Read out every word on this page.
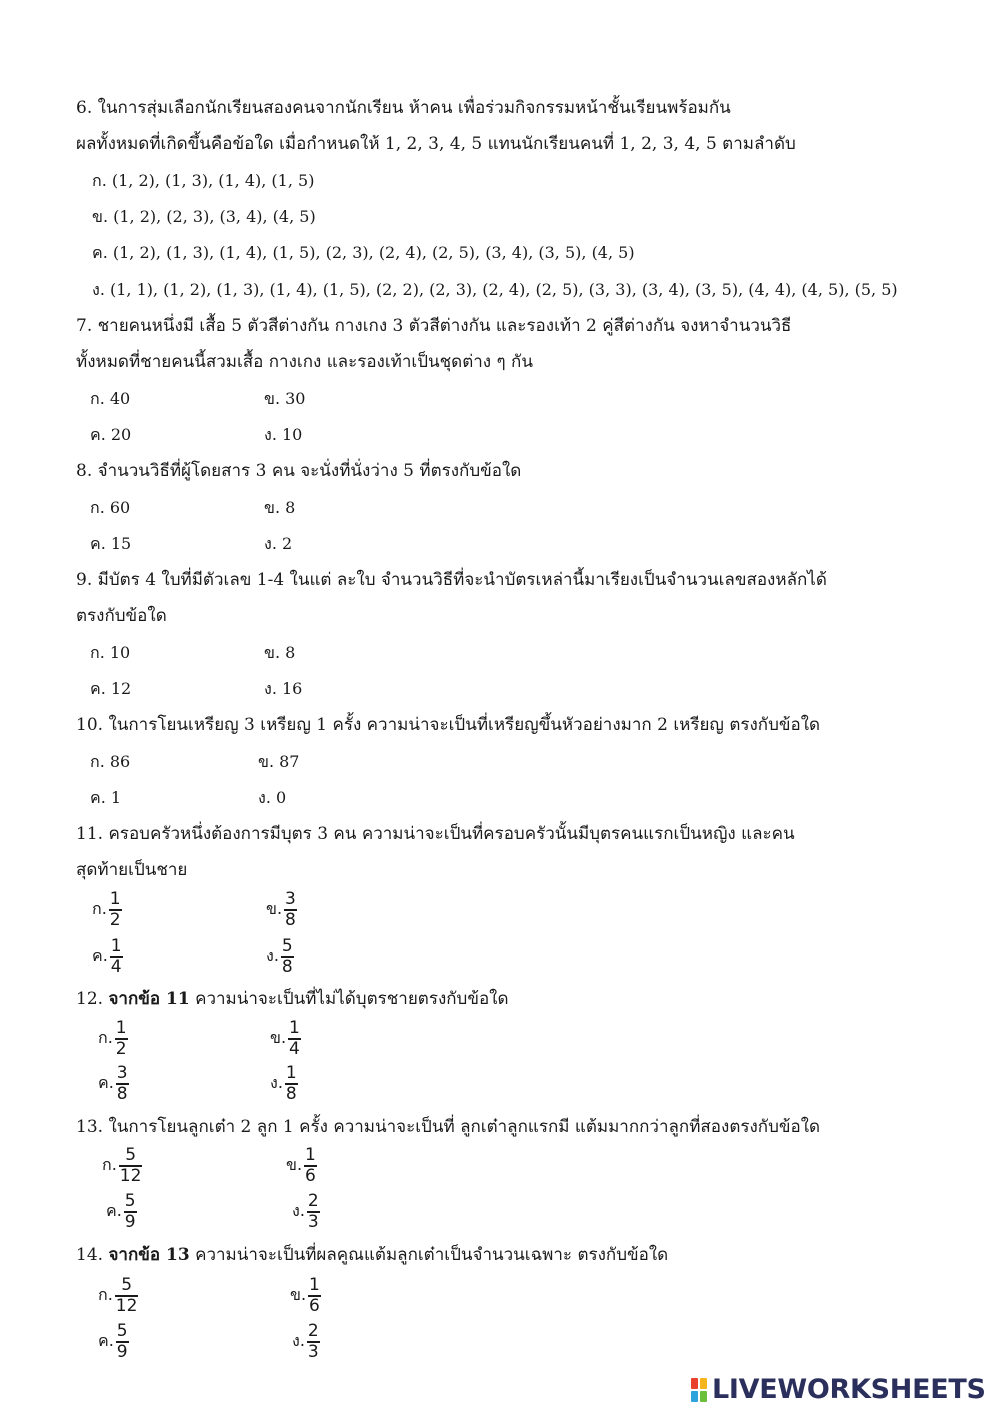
6. ในการสุ่มเลือกนักเรียนสองคนจากนักเรียน ห้าคน เพื่อร่วมกิจกรรมหน้าชั้นเรียนพร้อมกัน
ผลทั้งหมดที่เกิดขึ้นคือข้อใด เมื่อกำหนดให้ 1, 2, 3, 4, 5 แทนนักเรียนคนที่ 1, 2, 3, 4, 5 ตามลำดับ
ก. (1, 2), (1, 3), (1, 4), (1, 5)
ข. (1, 2), (2, 3), (3, 4), (4, 5)
ค. (1, 2), (1, 3), (1, 4), (1, 5), (2, 3), (2, 4), (2, 5), (3, 4), (3, 5), (4, 5)
ง. (1, 1), (1, 2), (1, 3), (1, 4), (1, 5), (2, 2), (2, 3), (2, 4), (2, 5), (3, 3), (3, 4), (3, 5), (4, 4), (4, 5), (5, 5)
7. ชายคนหนึ่งมี เสื้อ 5 ตัวสีต่างกัน กางเกง 3 ตัวสีต่างกัน และรองเท้า 2 คู่สีต่างกัน จงหาจำนวนวิธี
ทั้งหมดที่ชายคนนี้สวมเสื้อ กางเกง และรองเท้าเป็นชุดต่าง ๆ กัน
ก. 40	ข. 30
ค. 20	ง. 10
8. จำนวนวิธีที่ผู้โดยสาร 3 คน จะนั่งที่นั่งว่าง 5 ที่ตรงกับข้อใด
ก. 60	ข. 8
ค. 15	ง. 2
9. มีบัตร 4 ใบที่มีตัวเลข 1-4 ในแต่ ละใบ จำนวนวิธีที่จะนำบัตรเหล่านี้มาเรียงเป็นจำนวนเลขสองหลักได้
ตรงกับข้อใด
ก. 10	ข. 8
ค. 12	ง. 16
10. ในการโยนเหรียญ 3 เหรียญ 1 ครั้ง ความน่าจะเป็นที่เหรียญขึ้นหัวอย่างมาก 2 เหรียญ ตรงกับข้อใด
ก. 86	ข. 87
ค. 1	ง. 0
11. ครอบครัวหนึ่งต้องการมีบุตร 3 คน ความน่าจะเป็นที่ครอบครัวนั้นมีบุตรคนแรกเป็นหญิง และคน
สุดท้ายเป็นชาย
ก. $\frac{1}{2}$	ข. $\frac{3}{8}$
ค. $\frac{1}{4}$	ง. $\frac{5}{8}$
12. จากข้อ 11 ความน่าจะเป็นที่ไม่ได้บุตรชายตรงกับข้อใด
ก. $\frac{1}{2}$	ข. $\frac{1}{4}$
ค. $\frac{3}{8}$	ง. $\frac{1}{8}$
13. ในการโยนลูกเต๋า 2 ลูก 1 ครั้ง ความน่าจะเป็นที่ ลูกเต๋าลูกแรกมี แต้มมากกว่าลูกที่สองตรงกับข้อใด
ก. $\frac{5}{12}$	ข. $\frac{1}{6}$
ค. $\frac{5}{9}$	ง. $\frac{2}{3}$
14. จากข้อ 13 ความน่าจะเป็นที่ผลคูณแต้มลูกเต๋าเป็นจำนวนเฉพาะ ตรงกับข้อใด
ก. $\frac{5}{12}$	ข. $\frac{1}{6}$
ค. $\frac{5}{9}$	ง. $\frac{2}{3}$
LIVEWORKSHEETS
